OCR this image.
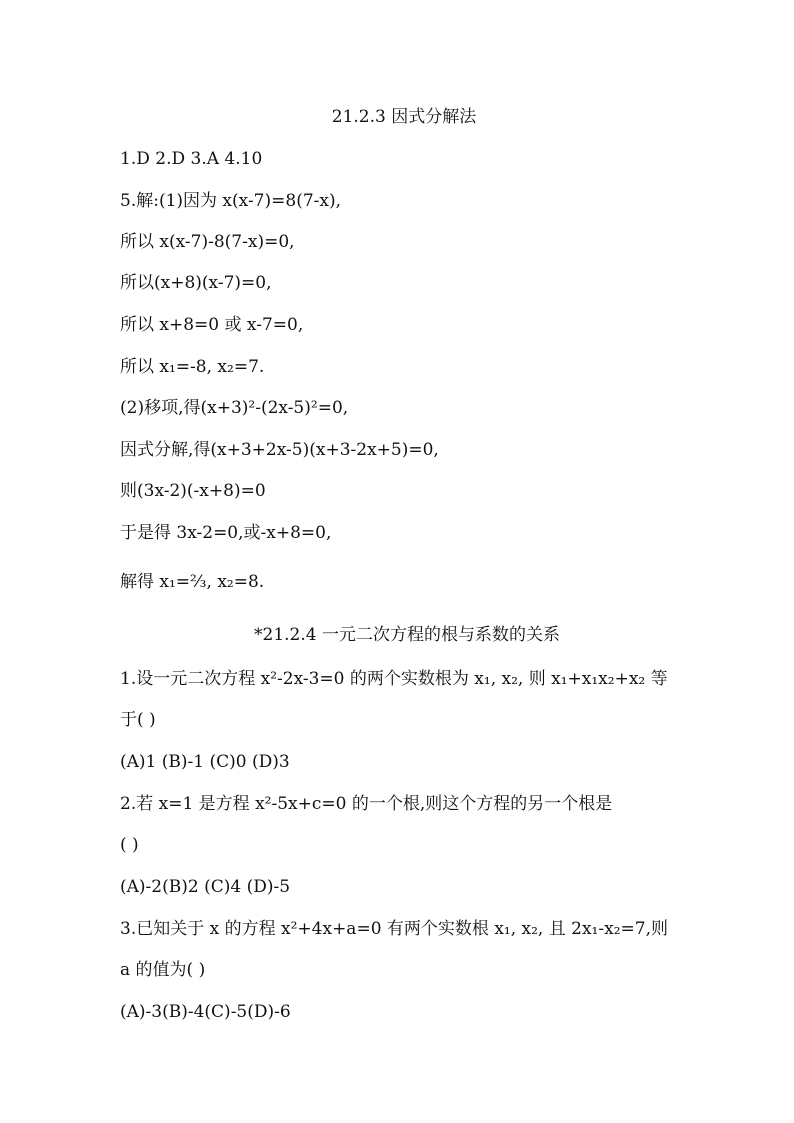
21.2.3 因式分解法
1.D 2.D 3.A 4.10
5.解:(1)因为 x(x-7)=8(7-x),
所以 x(x-7)-8(7-x)=0,
所以(x+8)(x-7)=0,
所以 x+8=0 或 x-7=0,
所以 x₁=-8, x₂=7.
(2)移项,得(x+3)²-(2x-5)²=0,
因式分解,得(x+3+2x-5)(x+3-2x+5)=0,
则(3x-2)(-x+8)=0
于是得 3x-2=0,或-x+8=0,
解得 x₁=⅔, x₂=8.
*21.2.4 一元二次方程的根与系数的关系
1.设一元二次方程 x²-2x-3=0 的两个实数根为 x₁, x₂, 则 x₁+x₁x₂+x₂ 等
于( )
(A)1 (B)-1 (C)0 (D)3
2.若 x=1 是方程 x²-5x+c=0 的一个根,则这个方程的另一个根是
( )
(A)-2(B)2 (C)4 (D)-5
3.已知关于 x 的方程 x²+4x+a=0 有两个实数根 x₁, x₂, 且 2x₁-x₂=7,则
a 的值为( )
(A)-3(B)-4(C)-5(D)-6
